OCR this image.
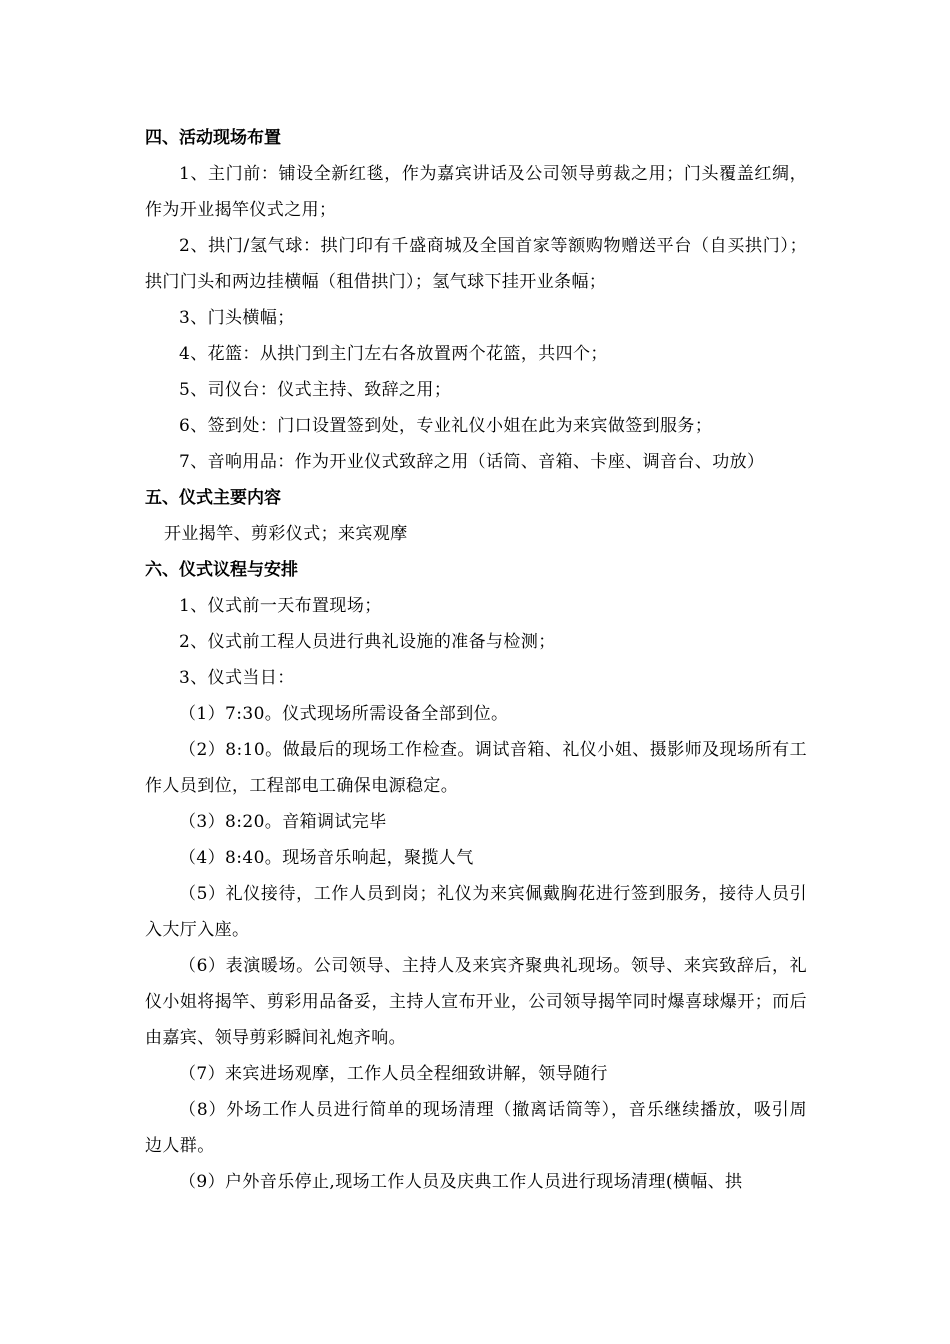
四、活动现场布置
1、主门前：铺设全新红毯，作为嘉宾讲话及公司领导剪裁之用；门头覆盖红绸，作为开业揭竿仪式之用；
2、拱门/氢气球：拱门印有千盛商城及全国首家等额购物赠送平台（自买拱门）；拱门门头和两边挂横幅（租借拱门）；氢气球下挂开业条幅；
3、门头横幅；
4、花篮：从拱门到主门左右各放置两个花篮，共四个；
5、司仪台：仪式主持、致辞之用；
6、签到处：门口设置签到处，专业礼仪小姐在此为来宾做签到服务；
7、音响用品：作为开业仪式致辞之用（话筒、音箱、卡座、调音台、功放）
五、仪式主要内容
开业揭竿、剪彩仪式；来宾观摩
六、仪式议程与安排
1、仪式前一天布置现场；
2、仪式前工程人员进行典礼设施的准备与检测；
3、仪式当日：
（1）7:30。仪式现场所需设备全部到位。
（2）8:10。做最后的现场工作检查。调试音箱、礼仪小姐、摄影师及现场所有工作人员到位，工程部电工确保电源稳定。
（3）8:20。音箱调试完毕
（4）8:40。现场音乐响起，聚揽人气
（5）礼仪接待，工作人员到岗；礼仪为来宾佩戴胸花进行签到服务，接待人员引入大厅入座。
（6）表演暖场。公司领导、主持人及来宾齐聚典礼现场。领导、来宾致辞后，礼仪小姐将揭竿、剪彩用品备妥，主持人宣布开业，公司领导揭竿同时爆喜球爆开；而后由嘉宾、领导剪彩瞬间礼炮齐响。
（7）来宾进场观摩，工作人员全程细致讲解，领导随行
（8）外场工作人员进行简单的现场清理（撤离话筒等），音乐继续播放，吸引周边人群。
（9）户外音乐停止,现场工作人员及庆典工作人员进行现场清理(横幅、拱
